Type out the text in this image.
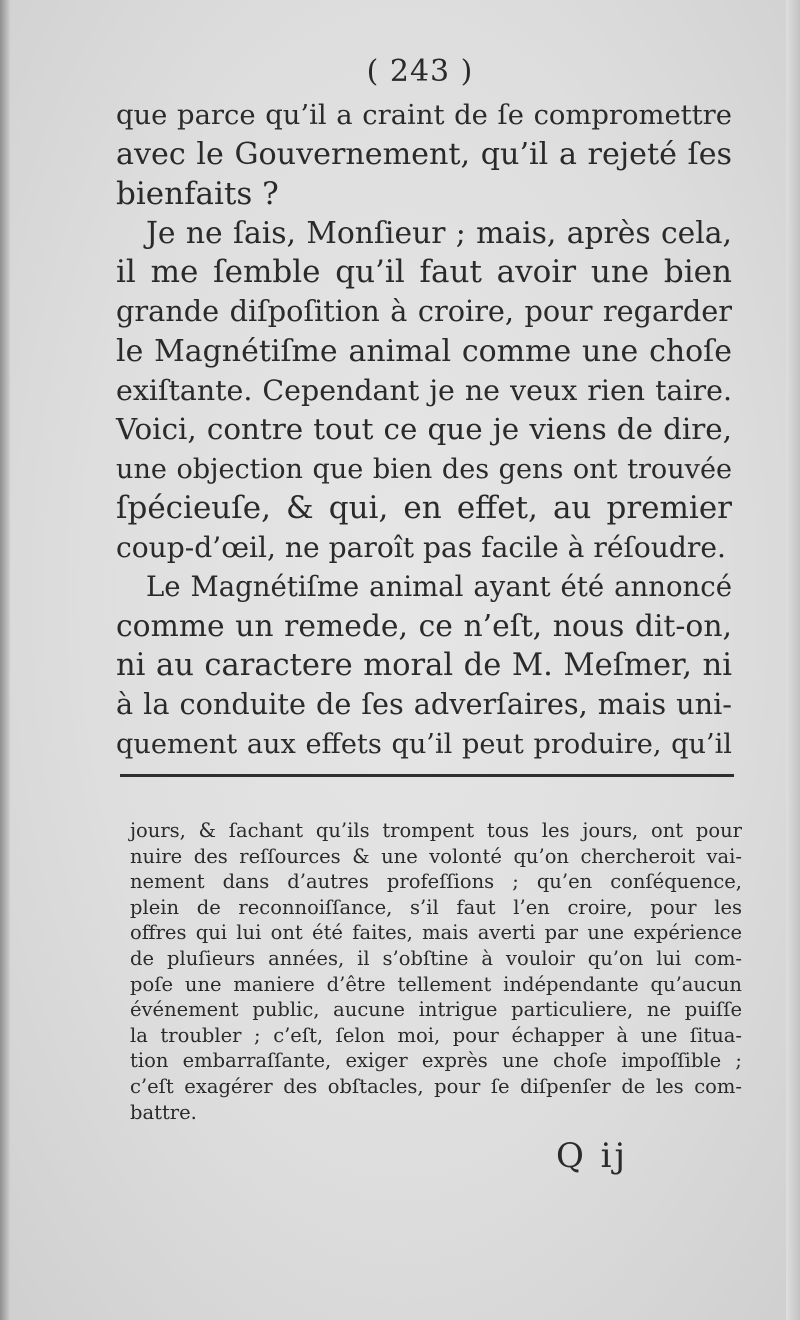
( 243 )
que parce qu’il a craint de ſe compromettre
avec le Gouvernement, qu’il a rejeté ſes
bienfaits ?
Je ne ſais, Monſieur ; mais, après cela,
il me ſemble qu’il faut avoir une bien
grande diſpoſition à croire, pour regarder
le Magnétiſme animal comme une choſe
exiſtante. Cependant je ne veux rien taire.
Voici, contre tout ce que je viens de dire,
une objection que bien des gens ont trouvée
ſpécieuſe, & qui, en effet, au premier
coup-d’œil, ne paroît pas facile à réſoudre.
Le Magnétiſme animal ayant été annoncé
comme un remede, ce n’eſt, nous dit-on,
ni au caractere moral de M. Meſmer, ni
à la conduite de ſes adverſaires, mais uni-
quement aux effets qu’il peut produire, qu’il
jours, & ſachant qu’ils trompent tous les jours, ont pour
nuire des reſſources & une volonté qu’on chercheroit vai-
nement dans d’autres profeſſions ; qu’en conſéquence,
plein de reconnoiſſance, s’il faut l’en croire, pour les
offres qui lui ont été faites, mais averti par une expérience
de pluſieurs années, il s’obſtine à vouloir qu’on lui com-
poſe une maniere d’être tellement indépendante qu’aucun
événement public, aucune intrigue particuliere, ne puiſſe
la troubler ; c’eſt, ſelon moi, pour échapper à une ſitua-
tion embarraſſante, exiger exprès une choſe impoſſible ;
c’eſt exagérer des obſtacles, pour ſe diſpenſer de les com-
battre.
Q ij
